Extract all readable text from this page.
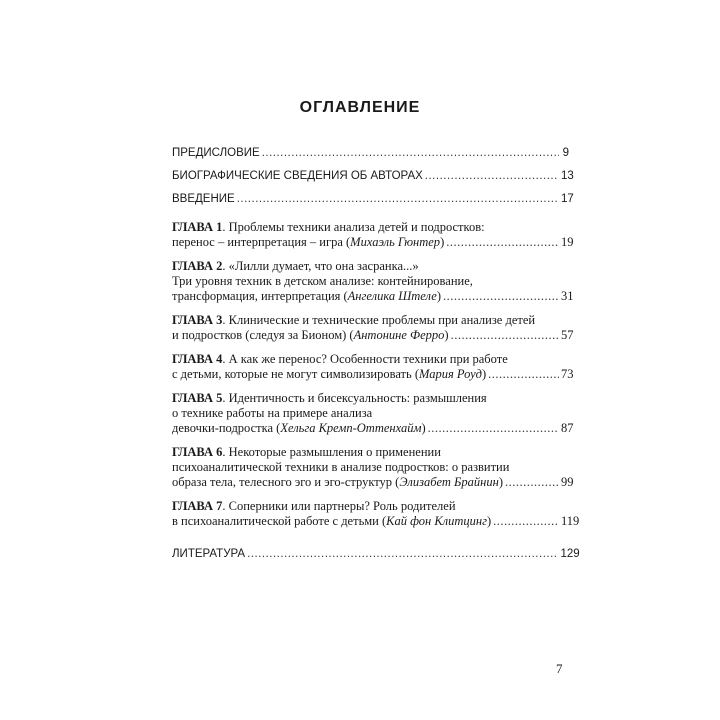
ОГЛАВЛЕНИЕ
ПРЕДИСЛОВИЕ .....	9
БИОГРАФИЧЕСКИЕ СВЕДЕНИЯ ОБ АВТОРАХ .....	13
ВВЕДЕНИЕ .....	17
ГЛАВА 1. Проблемы техники анализа детей и подростков:
перенос – интерпретация – игра (Михаэль Гюнтер) .....	19
ГЛАВА 2. «Лилли думает, что она засранка...»
Три уровня техник в детском анализе: контейнирование,
трансформация, интерпретация (Ангелика Штеле) .....	31
ГЛАВА 3. Клинические и технические проблемы при анализе детей
и подростков (следуя за Бионом) (Антонине Ферро) .....	57
ГЛАВА 4. А как же перенос? Особенности техники при работе
с детьми, которые не могут символизировать (Мария Роуд) .....	73
ГЛАВА 5. Идентичность и бисексуальность: размышления
о технике работы на примере анализа
девочки-подростка (Хельга Кремп-Оттенхайм) .....	87
ГЛАВА 6. Некоторые размышления о применении
психоаналитической техники в анализе подростков: о развитии
образа тела, телесного эго и эго-структур (Элизабет Брайнин) .....	99
ГЛАВА 7. Соперники или партнеры? Роль родителей
в психоаналитической работе с детьми (Кай фон Клитцинг) .....	119
ЛИТЕРАТУРА .....	129
7
